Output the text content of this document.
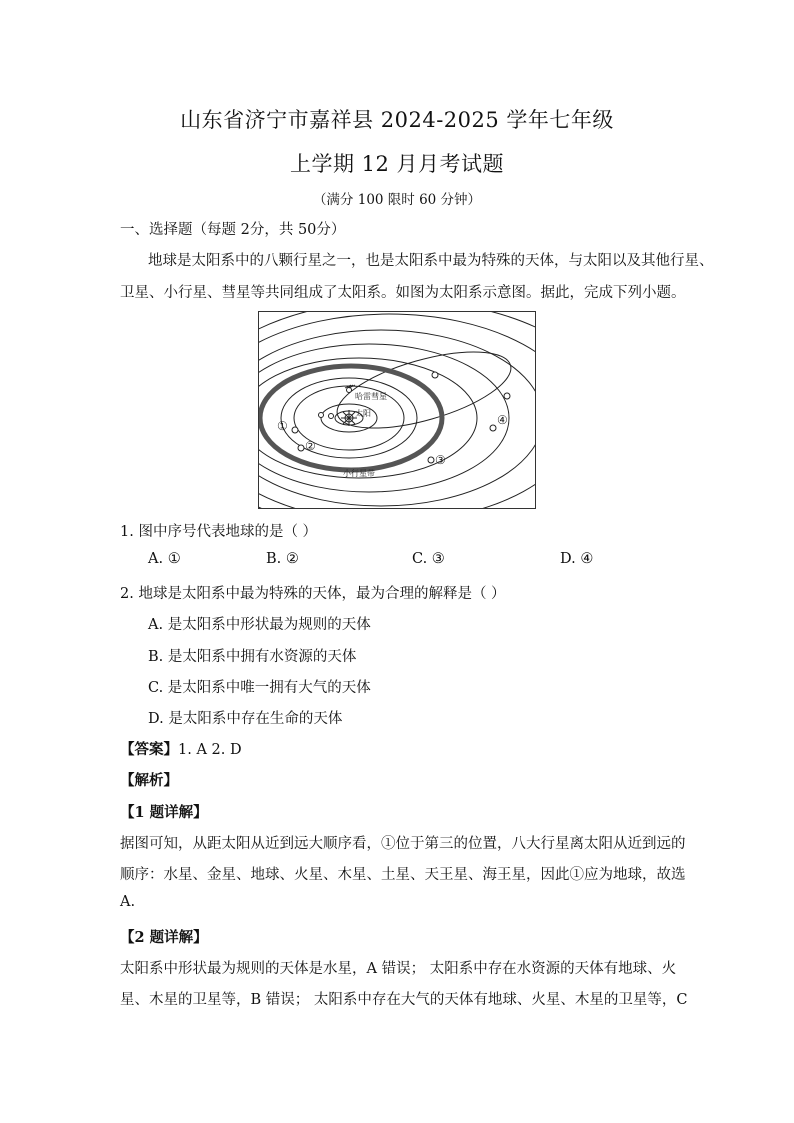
山东省济宁市嘉祥县 2024-2025 学年七年级
上学期 12 月月考试题
（满分 100 限时 60 分钟）
一、选择题（每题 2分，共 50分）
地球是太阳系中的八颗行星之一，也是太阳系中最为特殊的天体，与太阳以及其他行星、
卫星、小行星、彗星等共同组成了太阳系。如图为太阳系示意图。据此，完成下列小题。
哈雷彗星
太阳
小行星带
①
②
③
④
1. 图中序号代表地球的是（ ）
A. ①	B. ②	C. ③	D. ④
2. 地球是太阳系中最为特殊的天体，最为合理的解释是（ ）
A. 是太阳系中形状最为规则的天体
B. 是太阳系中拥有水资源的天体
C. 是太阳系中唯一拥有大气的天体
D. 是太阳系中存在生命的天体
【答案】1. A 2. D
【解析】
【1 题详解】
据图可知，从距太阳从近到远大顺序看，①位于第三的位置，八大行星离太阳从近到远的
顺序：水星、金星、地球、火星、木星、土星、天王星、海王星，因此①应为地球，故选
A.
【2 题详解】
太阳系中形状最为规则的天体是水星，A 错误； 太阳系中存在水资源的天体有地球、火
星、木星的卫星等，B 错误； 太阳系中存在大气的天体有地球、火星、木星的卫星等，C
